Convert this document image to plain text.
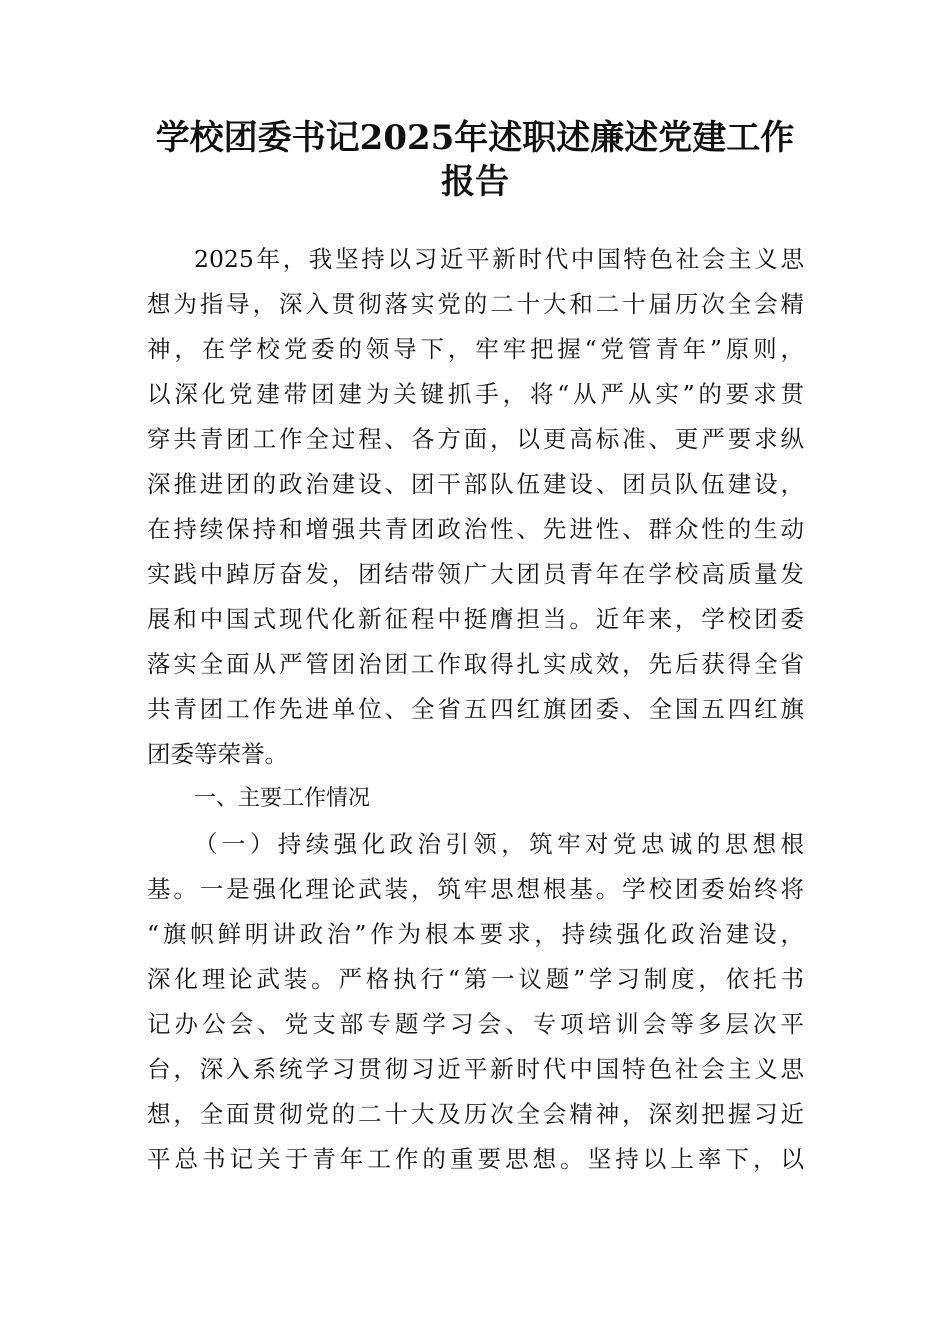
学校团委书记2025年述职述廉述党建工作
报告
2025年，我坚持以习近平新时代中国特色社会主义思
想为指导，深入贯彻落实党的二十大和二十届历次全会精
神，在学校党委的领导下，牢牢把握“党管青年”原则，
以深化党建带团建为关键抓手，将“从严从实”的要求贯
穿共青团工作全过程、各方面，以更高标准、更严要求纵
深推进团的政治建设、团干部队伍建设、团员队伍建设，
在持续保持和增强共青团政治性、先进性、群众性的生动
实践中踔厉奋发，团结带领广大团员青年在学校高质量发
展和中国式现代化新征程中挺膺担当。近年来，学校团委
落实全面从严管团治团工作取得扎实成效，先后获得全省
共青团工作先进单位、全省五四红旗团委、全国五四红旗
团委等荣誉。
一、主要工作情况
（一）持续强化政治引领，筑牢对党忠诚的思想根
基。一是强化理论武装，筑牢思想根基。学校团委始终将
“旗帜鲜明讲政治”作为根本要求，持续强化政治建设，
深化理论武装。严格执行“第一议题”学习制度，依托书
记办公会、党支部专题学习会、专项培训会等多层次平
台，深入系统学习贯彻习近平新时代中国特色社会主义思
想，全面贯彻党的二十大及历次全会精神，深刻把握习近
平总书记关于青年工作的重要思想。坚持以上率下，以
